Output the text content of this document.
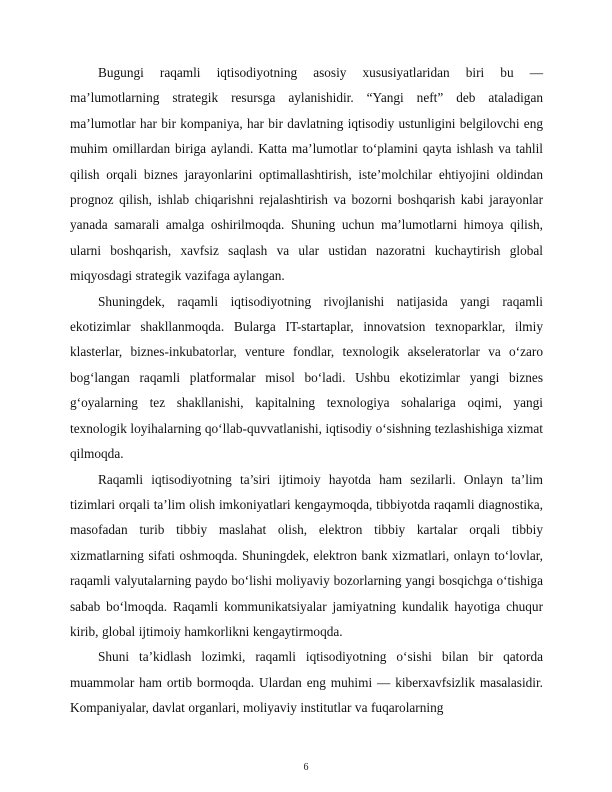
Bugungi raqamli iqtisodiyotning asosiy xususiyatlaridan biri bu — ma’lumotlarning strategik resursga aylanishidir. “Yangi neft” deb ataladigan ma’lumotlar har bir kompaniya, har bir davlatning iqtisodiy ustunligini belgilovchi eng muhim omillardan biriga aylandi. Katta ma’lumotlar to‘plamini qayta ishlash va tahlil qilish orqali biznes jarayonlarini optimallashtirish, iste’molchilar ehtiyojini oldindan prognoz qilish, ishlab chiqarishni rejalashtirish va bozorni boshqarish kabi jarayonlar yanada samarali amalga oshirilmoqda. Shuning uchun ma’lumotlarni himoya qilish, ularni boshqarish, xavfsiz saqlash va ular ustidan nazoratni kuchaytirish global miqyosdagi strategik vazifaga aylangan.

Shuningdek, raqamli iqtisodiyotning rivojlanishi natijasida yangi raqamli ekotizimlar shakllanmoqda. Bularga IT-startaplar, innovatsion texnoparklar, ilmiy klasterlar, biznes-inkubatorlar, venture fondlar, texnologik akseleratorlar va o‘zaro bog‘langan raqamli platformalar misol bo‘ladi. Ushbu ekotizimlar yangi biznes g‘oyalarning tez shakllanishi, kapitalning texnologiya sohalariga oqimi, yangi texnologik loyihalarning qo‘llab-quvvatlanishi, iqtisodiy o‘sishning tezlashishiga xizmat qilmoqda.

Raqamli iqtisodiyotning ta’siri ijtimoiy hayotda ham sezilarli. Onlayn ta’lim tizimlari orqali ta’lim olish imkoniyatlari kengaymoqda, tibbiyotda raqamli diagnostika, masofadan turib tibbiy maslahat olish, elektron tibbiy kartalar orqali tibbiy xizmatlarning sifati oshmoqda. Shuningdek, elektron bank xizmatlari, onlayn to‘lovlar, raqamli valyutalarning paydo bo‘lishi moliyaviy bozorlarning yangi bosqichga o‘tishiga sabab bo‘lmoqda. Raqamli kommunikatsiyalar jamiyatning kundalik hayotiga chuqur kirib, global ijtimoiy hamkorlikni kengaytirmoqda.

Shuni ta’kidlash lozimki, raqamli iqtisodiyotning o‘sishi bilan bir qatorda muammolar ham ortib bormoqda. Ulardan eng muhimi — kiberxavfsizlik masalasidir. Kompaniyalar, davlat organlari, moliyaviy institutlar va fuqarolarning

6
